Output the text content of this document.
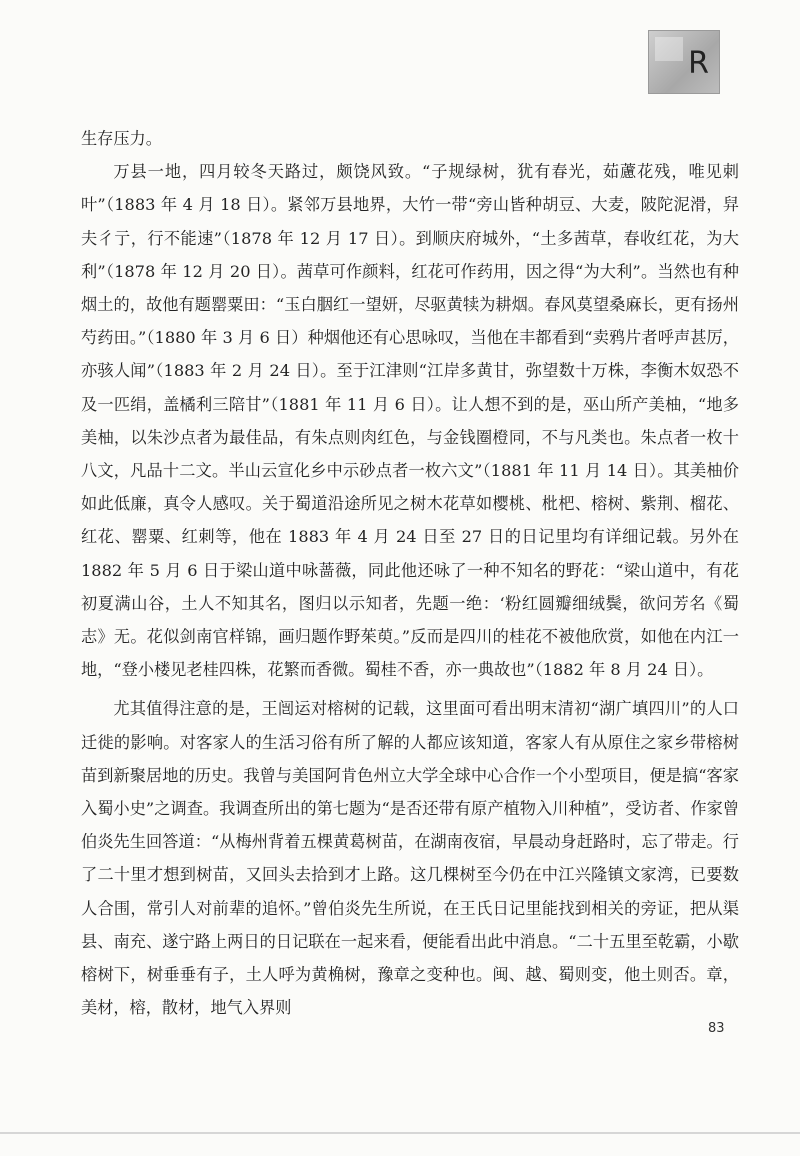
R

生存压力。

万县一地，四月较冬天路过，颇饶风致。“子规绿树，犹有春光，茹藘花残，唯见刺叶”（1883 年 4 月 18 日）。紧邻万县地界，大竹一带“旁山皆种胡豆、大麦，陂陀泥滑，舁夫彳亍，行不能速”（1878 年 12 月 17 日）。到顺庆府城外，“土多茜草，春收红花，为大利”（1878 年 12 月 20 日）。茜草可作颜料，红花可作药用，因之得“为大利”。当然也有种烟土的，故他有题罂粟田：“玉白胭红一望妍，尽驱黄犊为耕烟。春风莫望桑麻长，更有扬州芍药田。”（1880 年 3 月 6 日）种烟他还有心思咏叹，当他在丰都看到“卖鸦片者呼声甚厉，亦骇人闻”（1883 年 2 月 24 日）。至于江津则“江岸多黄甘，弥望数十万株，李衡木奴恐不及一匹绢，盖橘利三陪甘”（1881 年 11 月 6 日）。让人想不到的是，巫山所产美柚，“地多美柚，以朱沙点者为最佳品，有朱点则肉红色，与金钱圈橙同，不与凡类也。朱点者一枚十八文，凡品十二文。半山云宣化乡中示砂点者一枚六文”（1881 年 11 月 14 日）。其美柚价如此低廉，真令人感叹。关于蜀道沿途所见之树木花草如樱桃、枇杷、榕树、紫荆、榴花、红花、罂粟、红刺等，他在 1883 年 4 月 24 日至 27 日的日记里均有详细记载。另外在 1882 年 5 月 6 日于梁山道中咏蔷薇，同此他还咏了一种不知名的野花：“梁山道中，有花初夏满山谷，土人不知其名，图归以示知者，先题一绝：‘粉红圆瓣细绒鬓，欲问芳名《蜀志》无。花似剑南官样锦，画归题作野茱萸。”反而是四川的桂花不被他欣赏，如他在内江一地，“登小楼见老桂四株，花繁而香微。蜀桂不香，亦一典故也”（1882 年 8 月 24 日）。

尤其值得注意的是，王闿运对榕树的记载，这里面可看出明末清初“湖广填四川”的人口迁徙的影响。对客家人的生活习俗有所了解的人都应该知道，客家人有从原住之家乡带榕树苗到新聚居地的历史。我曾与美国阿肯色州立大学全球中心合作一个小型项目，便是搞“客家入蜀小史”之调查。我调查所出的第七题为“是否还带有原产植物入川种植”，受访者、作家曾伯炎先生回答道：“从梅州背着五棵黄葛树苗，在湖南夜宿，早晨动身赶路时，忘了带走。行了二十里才想到树苗，又回头去拾到才上路。这几棵树至今仍在中江兴隆镇文家湾，已要数人合围，常引人对前辈的追怀。”曾伯炎先生所说，在王氏日记里能找到相关的旁证，把从渠县、南充、遂宁路上两日的日记联在一起来看，便能看出此中消息。“二十五里至乾霸，小歇榕树下，树垂垂有子，土人呼为黄桷树，豫章之变种也。闽、越、蜀则变，他土则否。章，美材，榕，散材，地气入界则

83
